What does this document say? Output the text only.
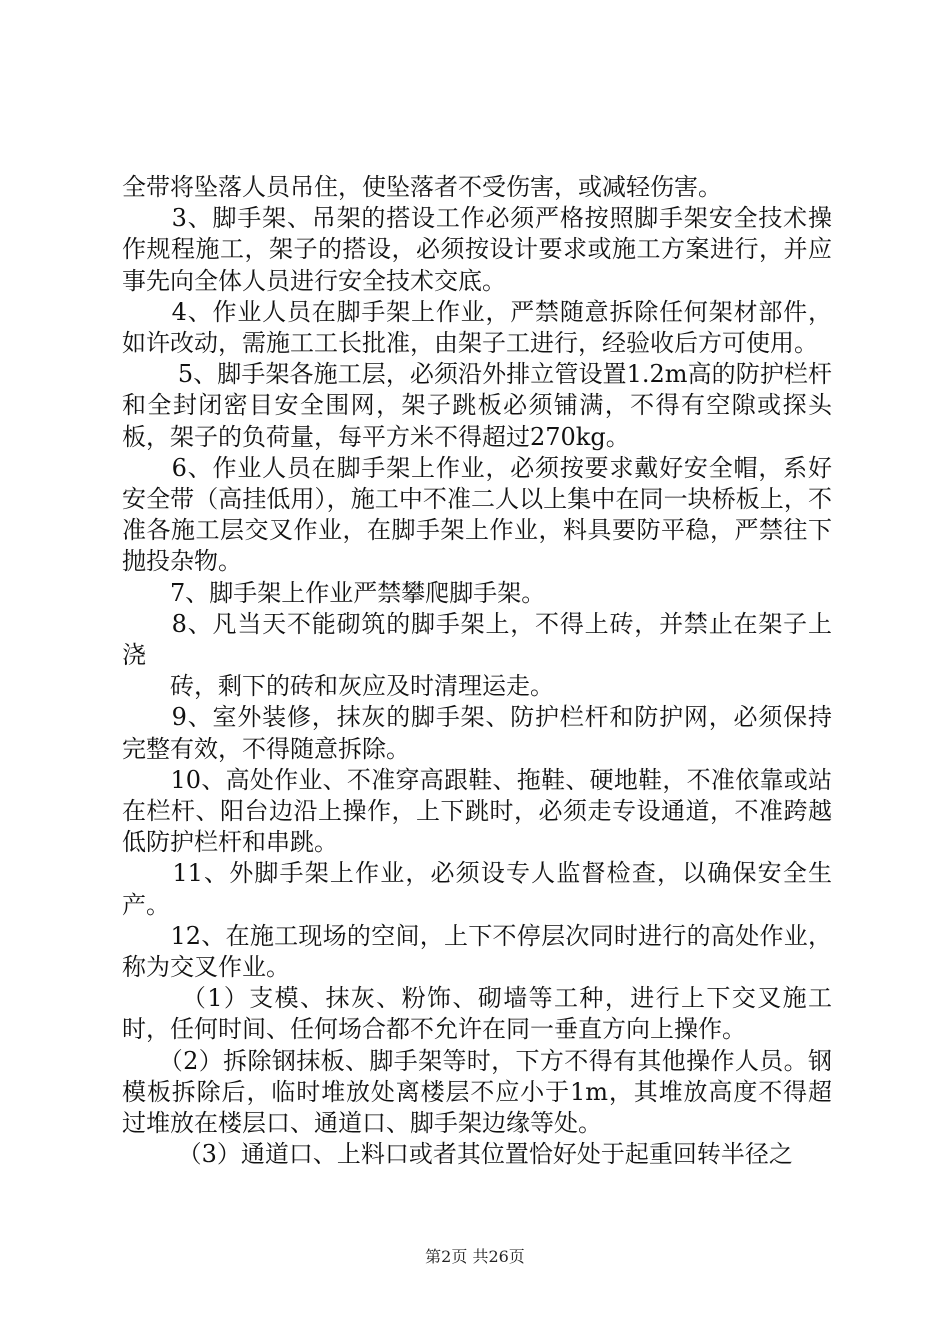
全带将坠落人员吊住，使坠落者不受伤害，或减轻伤害。

　　3、脚手架、吊架的搭设工作必须严格按照脚手架安全技术操作规程施工，架子的搭设，必须按设计要求或施工方案进行，并应事先向全体人员进行安全技术交底。

　　4、作业人员在脚手架上作业，严禁随意拆除任何架材部件，如许改动，需施工工长批准，由架子工进行，经验收后方可使用。

　　 5、脚手架各施工层，必须沿外排立管设置1.2m高的防护栏杆和全封闭密目安全围网，架子跳板必须铺满，不得有空隙或探头板，架子的负荷量，每平方米不得超过270kg。

　　6、作业人员在脚手架上作业，必须按要求戴好安全帽，系好安全带（高挂低用），施工中不准二人以上集中在同一块桥板上，不准各施工层交叉作业，在脚手架上作业，料具要防平稳，严禁往下抛投杂物。

　　7、脚手架上作业严禁攀爬脚手架。

　　8、凡当天不能砌筑的脚手架上，不得上砖，并禁止在架子上浇

　　砖，剩下的砖和灰应及时清理运走。

　　9、室外装修，抹灰的脚手架、防护栏杆和防护网，必须保持完整有效，不得随意拆除。

　　10、高处作业、不准穿高跟鞋、拖鞋、硬地鞋，不准依靠或站在栏杆、阳台边沿上操作，上下跳时，必须走专设通道，不准跨越低防护栏杆和串跳。

　　11、外脚手架上作业，必须设专人监督检查，以确保安全生产。

　　12、在施工现场的空间，上下不停层次同时进行的高处作业，称为交叉作业。

　　 （1）支模、抹灰、粉饰、砌墙等工种，进行上下交叉施工时，任何时间、任何场合都不允许在同一垂直方向上操作。

　　（2）拆除钢抹板、脚手架等时，下方不得有其他操作人员。钢模板拆除后，临时堆放处离楼层不应小于1m，其堆放高度不得超过堆放在楼层口、通道口、脚手架边缘等处。

　　 （3）通道口、上料口或者其位置恰好处于起重回转半径之

第2页 共26页
